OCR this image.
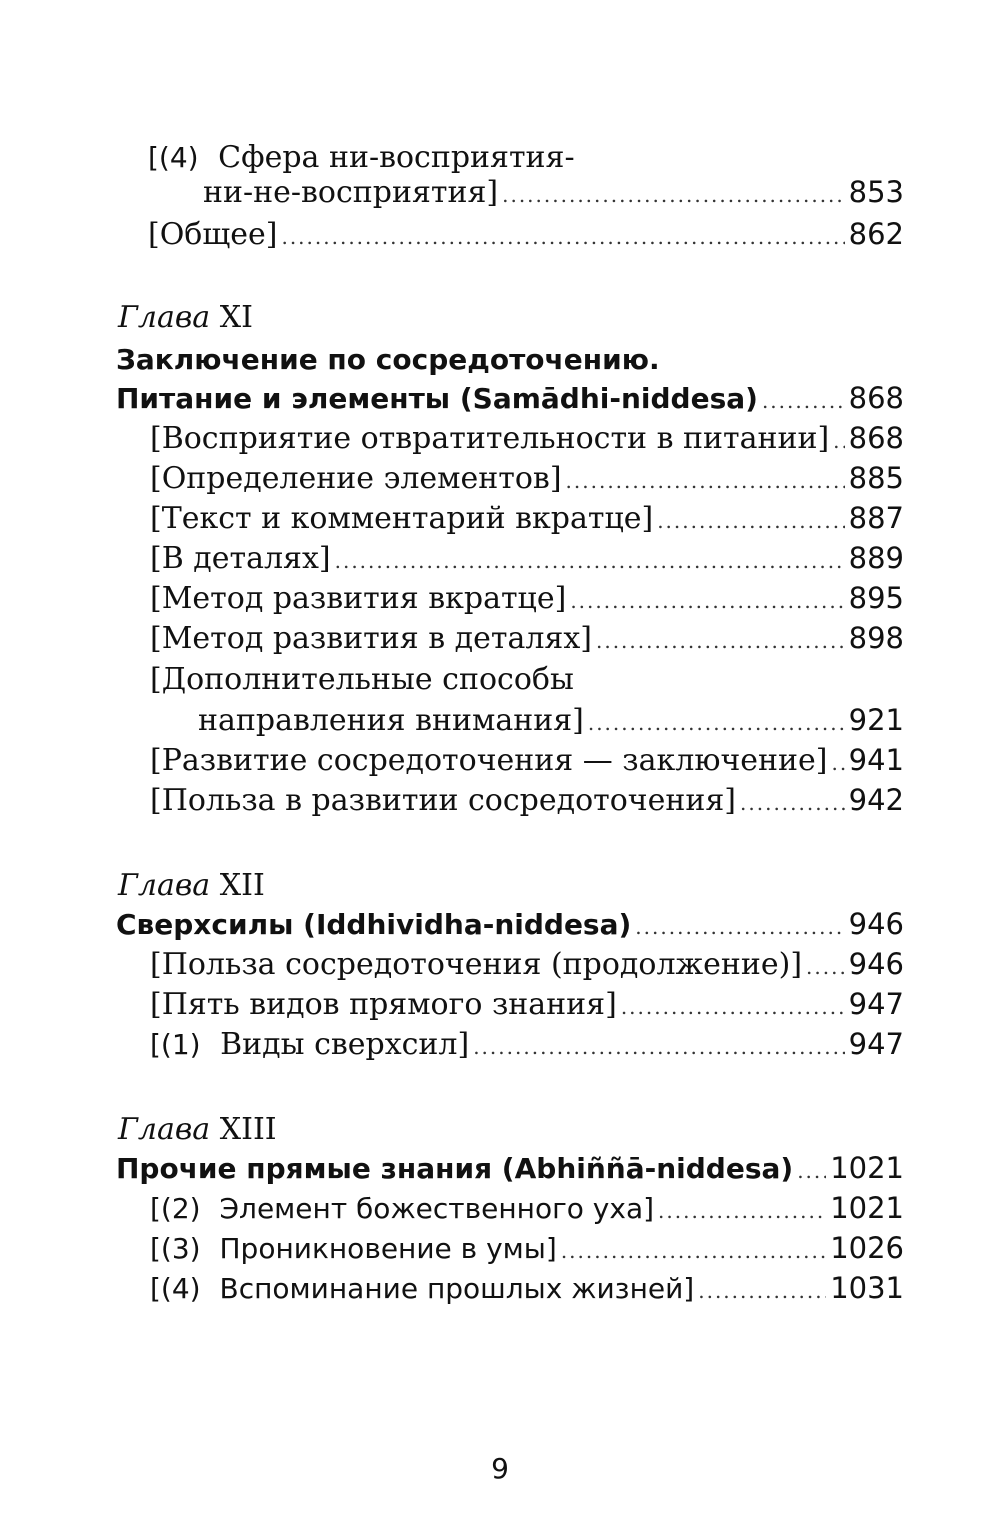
[(4) Сфера ни-восприятия-
ни-не-восприятия] .....	853
[Общее] .....	862
Глава XI
Заключение по сосредоточению.
Питание и элементы (Samādhi-niddesa) .....	868
[Восприятие отвратительности в питании] ..... 868
[Определение элементов] .....	885
[Текст и комментарий вкратце] .....	887
[В деталях] .....	889
[Метод развития вкратце] .....	895
[Метод развития в деталях] .....	898
[Дополнительные способы
направления внимания] .....	921
[Развитие сосредоточения — заключение] ..... 941
[Польза в развитии сосредоточения] .....	942
Глава XII
Сверхсилы (Iddhividha-niddesa) .....	946
[Польза сосредоточения (продолжение)] ..... 946
[Пять видов прямого знания] .....	947
[(1) Виды сверхсил] .....	947
Глава XIII
Прочие прямые знания (Abhiññā-niddesa) ..... 1021
[(2) Элемент божественного уха] .....	1021
[(3) Проникновение в умы] .....	1026
[(4) Вспоминание прошлых жизней] .....	1031
9
